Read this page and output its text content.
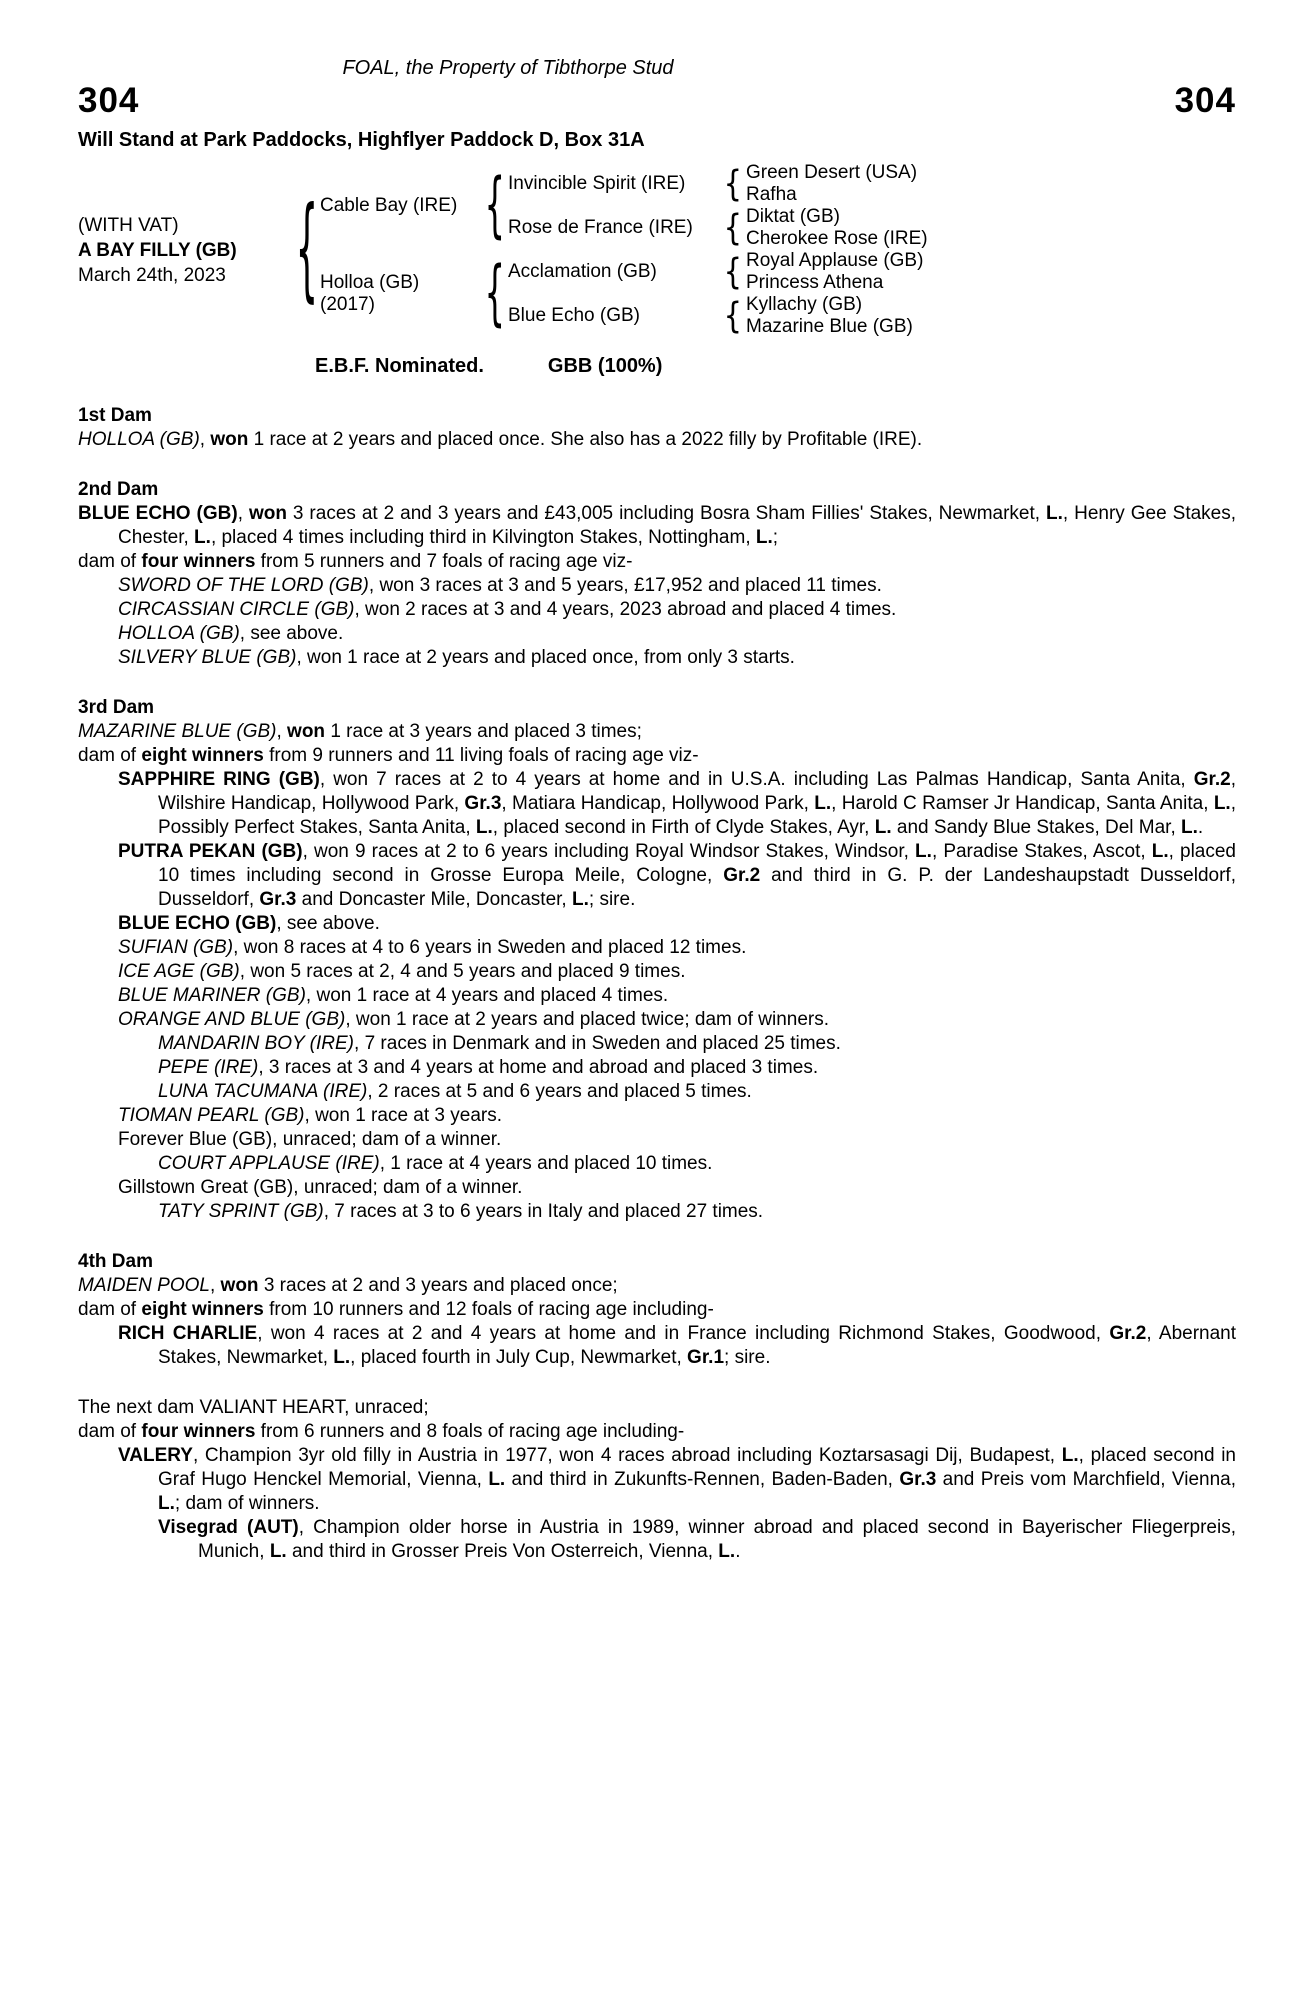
FOAL, the Property of Tibthorpe Stud
304	304
Will Stand at Park Paddocks, Highflyer Paddock D, Box 31A
(WITH VAT)
A BAY FILLY (GB)
March 24th, 2023
{
Cable Bay (IRE)
{
Invincible Spirit (IRE)
{
Green Desert (USA)
Rafha
Rose de France (IRE)
{
Diktat (GB)
Cherokee Rose (IRE)
Holloa (GB)
(2017)
{
Acclamation (GB)
{
Royal Applause (GB)
Princess Athena
Blue Echo (GB)
{
Kyllachy (GB)
Mazarine Blue (GB)
E.B.F. Nominated.	GBB (100%)
1st Dam

HOLLOA (GB), won 1 race at 2 years and placed once. She also has a 2022 filly by Profitable (IRE).

2nd Dam

BLUE ECHO (GB), won 3 races at 2 and 3 years and £43,005 including Bosra Sham Fillies' Stakes, Newmarket, L., Henry Gee Stakes, Chester, L., placed 4 times including third in Kilvington Stakes, Nottingham, L.;

dam of four winners from 5 runners and 7 foals of racing age viz-

SWORD OF THE LORD (GB), won 3 races at 3 and 5 years, £17,952 and placed 11 times.

CIRCASSIAN CIRCLE (GB), won 2 races at 3 and 4 years, 2023 abroad and placed 4 times.

HOLLOA (GB), see above.

SILVERY BLUE (GB), won 1 race at 2 years and placed once, from only 3 starts.

3rd Dam

MAZARINE BLUE (GB), won 1 race at 3 years and placed 3 times;

dam of eight winners from 9 runners and 11 living foals of racing age viz-

SAPPHIRE RING (GB), won 7 races at 2 to 4 years at home and in U.S.A. including Las Palmas Handicap, Santa Anita, Gr.2, Wilshire Handicap, Hollywood Park, Gr.3, Matiara Handicap, Hollywood Park, L., Harold C Ramser Jr Handicap, Santa Anita, L., Possibly Perfect Stakes, Santa Anita, L., placed second in Firth of Clyde Stakes, Ayr, L. and Sandy Blue Stakes, Del Mar, L..

PUTRA PEKAN (GB), won 9 races at 2 to 6 years including Royal Windsor Stakes, Windsor, L., Paradise Stakes, Ascot, L., placed 10 times including second in Grosse Europa Meile, Cologne, Gr.2 and third in G. P. der Landeshaupstadt Dusseldorf, Dusseldorf, Gr.3 and Doncaster Mile, Doncaster, L.; sire.

BLUE ECHO (GB), see above.

SUFIAN (GB), won 8 races at 4 to 6 years in Sweden and placed 12 times.

ICE AGE (GB), won 5 races at 2, 4 and 5 years and placed 9 times.

BLUE MARINER (GB), won 1 race at 4 years and placed 4 times.

ORANGE AND BLUE (GB), won 1 race at 2 years and placed twice; dam of winners.

MANDARIN BOY (IRE), 7 races in Denmark and in Sweden and placed 25 times.

PEPE (IRE), 3 races at 3 and 4 years at home and abroad and placed 3 times.

LUNA TACUMANA (IRE), 2 races at 5 and 6 years and placed 5 times.

TIOMAN PEARL (GB), won 1 race at 3 years.

Forever Blue (GB), unraced; dam of a winner.

COURT APPLAUSE (IRE), 1 race at 4 years and placed 10 times.

Gillstown Great (GB), unraced; dam of a winner.

TATY SPRINT (GB), 7 races at 3 to 6 years in Italy and placed 27 times.

4th Dam

MAIDEN POOL, won 3 races at 2 and 3 years and placed once;

dam of eight winners from 10 runners and 12 foals of racing age including-

RICH CHARLIE, won 4 races at 2 and 4 years at home and in France including Richmond Stakes, Goodwood, Gr.2, Abernant Stakes, Newmarket, L., placed fourth in July Cup, Newmarket, Gr.1; sire.

The next dam VALIANT HEART, unraced;

dam of four winners from 6 runners and 8 foals of racing age including-

VALERY, Champion 3yr old filly in Austria in 1977, won 4 races abroad including Koztarsasagi Dij, Budapest, L., placed second in Graf Hugo Henckel Memorial, Vienna, L. and third in Zukunfts-Rennen, Baden-Baden, Gr.3 and Preis vom Marchfield, Vienna, L.; dam of winners.

Visegrad (AUT), Champion older horse in Austria in 1989, winner abroad and placed second in Bayerischer Fliegerpreis, Munich, L. and third in Grosser Preis Von Osterreich, Vienna, L..
